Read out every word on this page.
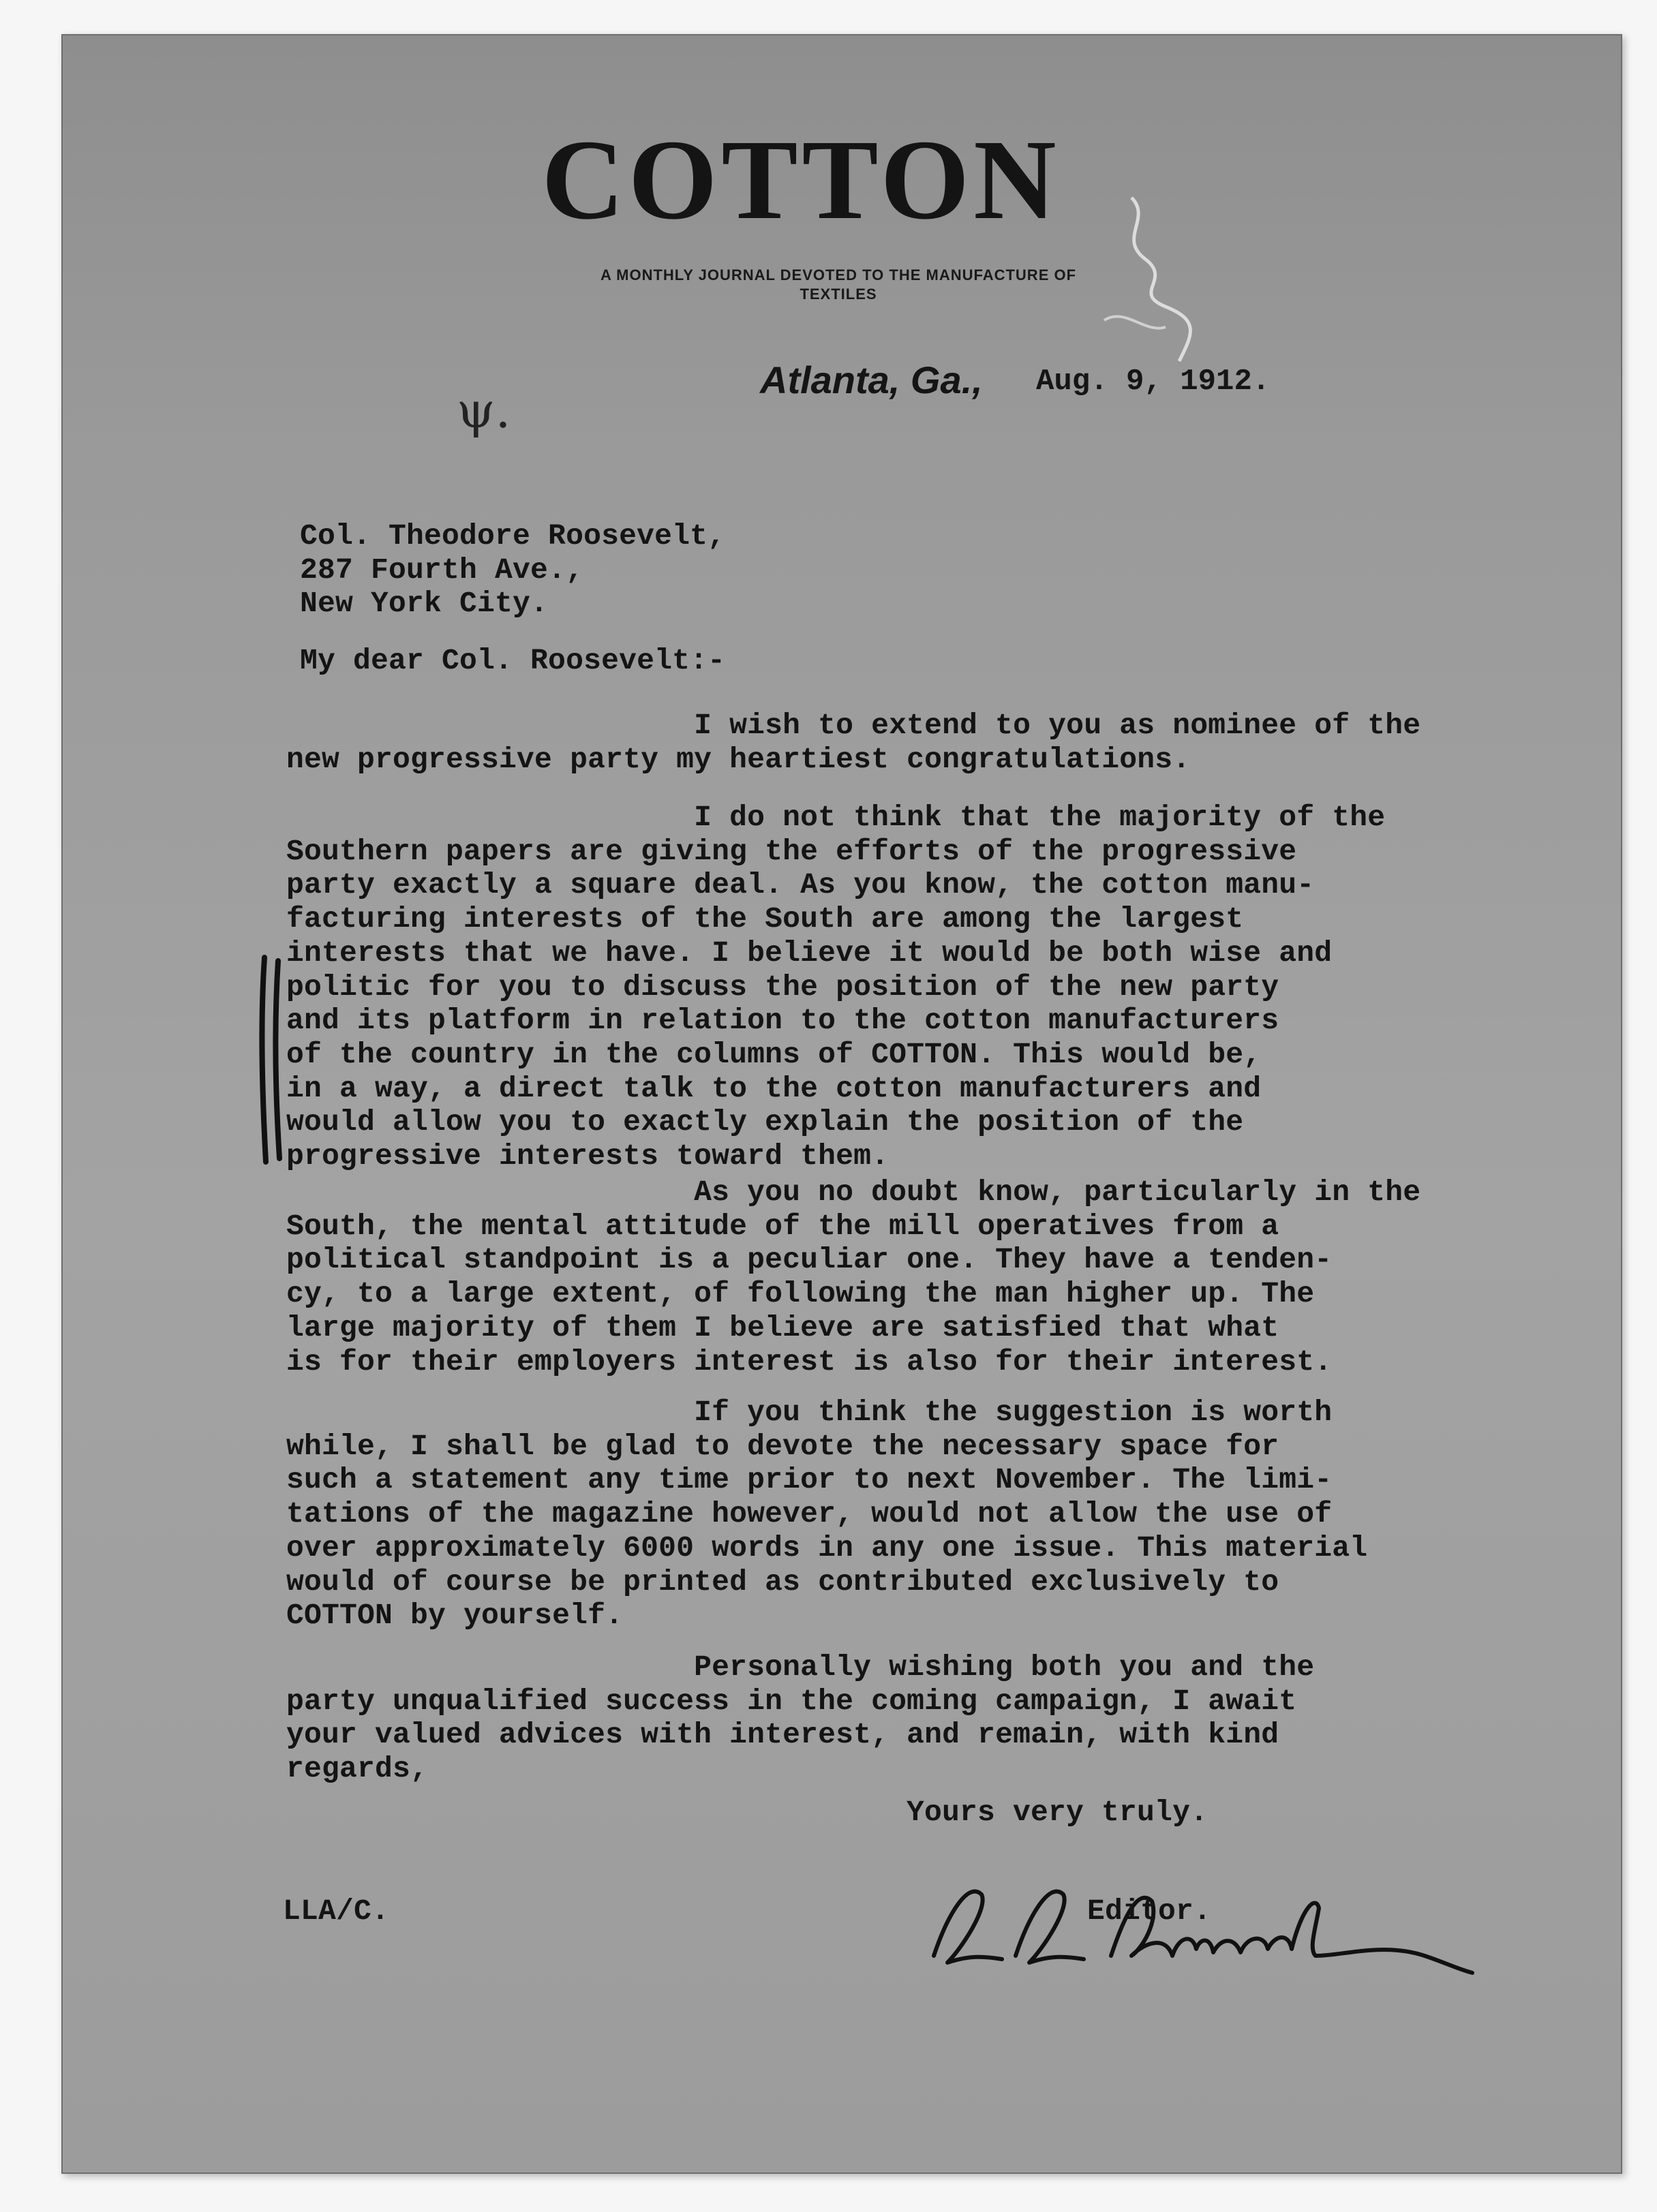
COTTON
A MONTHLY JOURNAL DEVOTED TO THE MANUFACTURE OF
TEXTILES
Atlanta, Ga., Aug. 9, 1912.
ψ.
Col. Theodore Roosevelt,
287 Fourth Ave.,
New York City.
My dear Col. Roosevelt:-
I wish to extend to you as nominee of the
new progressive party my heartiest congratulations.
I do not think that the majority of the
Southern papers are giving the efforts of the progressive
party exactly a square deal. As you know, the cotton manu-
facturing interests of the South are among the largest
interests that we have. I believe it would be both wise and
politic for you to discuss the position of the new party
and its platform in relation to the cotton manufacturers
of the country in the columns of COTTON. This would be,
in a way, a direct talk to the cotton manufacturers and
would allow you to exactly explain the position of the
progressive interests toward them.
As you no doubt know, particularly in the
South, the mental attitude of the mill operatives from a
political standpoint is a peculiar one. They have a tenden-
cy, to a large extent, of following the man higher up. The
large majority of them I believe are satisfied that what
is for their employers interest is also for their interest.
If you think the suggestion is worth
while, I shall be glad to devote the necessary space for
such a statement any time prior to next November. The limi-
tations of the magazine however, would not allow the use of
over approximately 6000 words in any one issue. This material
would of course be printed as contributed exclusively to
COTTON by yourself.
Personally wishing both you and the
party unqualified success in the coming campaign, I await
your valued advices with interest, and remain, with kind
regards,
Yours very truly.
Editor.
LLA/C.
